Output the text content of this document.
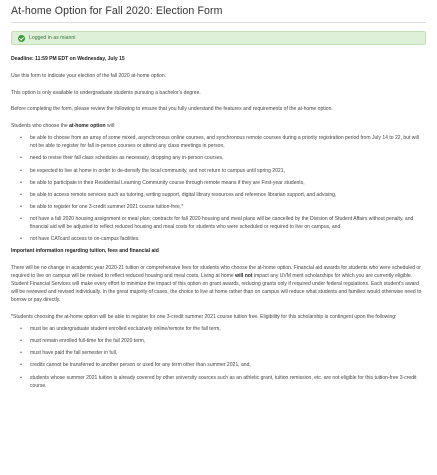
At-home Option for Fall 2020: Election Form
Logged in as mianni

Deadline: 11:59 PM EDT on Wednesday, July 15

Use this form to indicate your election of the fall 2020 at-home option.

This option is only available to undergraduate students pursuing a bachelor's degree.

Before completing the form, please review the following to ensure that you fully understand the features and requirements of the at-home option.

Students who choose the at-home option will:

• be able to choose from an array of some mixed, asynchronous online courses, and synchronous remote courses during a priority registration period from July 14 to 22, but will not be able to register for fall in-person courses or attend any class meetings in person,
• need to revise their fall class schedules as necessary, dropping any in-person courses,
• be expected to live at home in order to de-densify the local community, and not return to campus until spring 2021,
• be able to participate in their Residential Learning Community course through remote means if they are First-year students,
• be able to access remote services such as tutoring, writing support, digital library resources and reference librarian support, and advising,
• be able to register for one 3-credit summer 2021 course tuition-free,*
• not have a fall 2020 housing assignment or meal plan; contracts for fall 2020 housing and meal plans will be cancelled by the Division of Student Affairs without penalty, and financial aid will be adjusted to reflect reduced housing and meal costs for students who were scheduled or required to live on campus, and
• not have CATcard access to on-campus facilities.

Important information regarding tuition, fees and financial aid

There will be no change in academic year 2020-21 tuition or comprehensive fees for students who choose the at-home option. Financial aid awards for students who were scheduled or required to live on campus will be revised to reflect reduced housing and meal costs. Living at home will not impact any UVM merit scholarships for which you are currently eligible. Student Financial Services will make every effort to minimize the impact of this option on grant awards, reducing grants only if required under federal regulations. Each student's award will be reviewed and revised individually. In the great majority of cases, the choice to live at home rather than on campus will reduce what students and families would otherwise need to borrow or pay directly.

*Students choosing the at-home option will be able to register for one 3-credit summer 2021 course tuition free. Eligibility for this scholarship is contingent upon the following:

• must be an undergraduate student enrolled exclusively online/remote for the fall term,
• must remain enrolled full-time for the fall 2020 term,
• must have paid the fall semester in full,
• credits cannot be transferred to another person or used for any term other than summer 2021, and,
• students whose summer 2021 tuition is already covered by other university sources such as an athletic grant, tuition remission, etc. are not eligible for this tuition-free 3-credit course.
